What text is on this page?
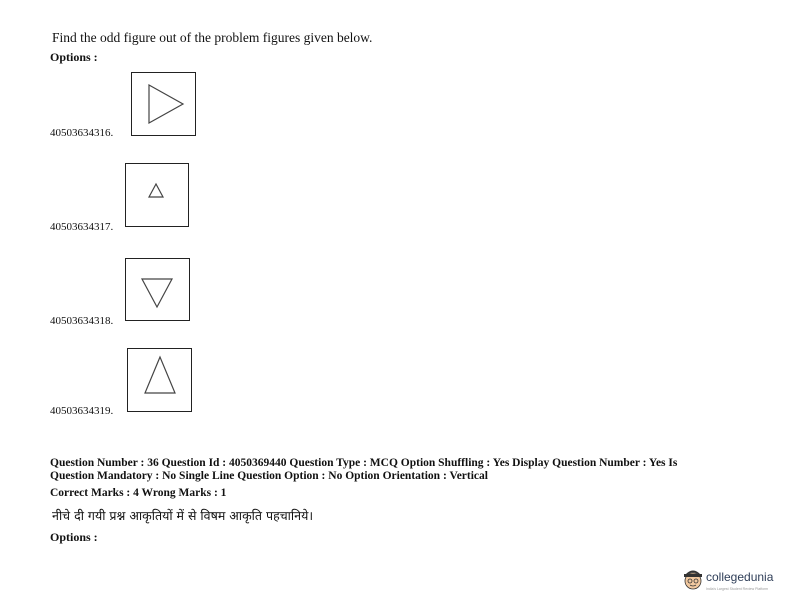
Find the odd figure out of the problem figures given below.
Options :
40503634316.
40503634317.
40503634318.
40503634319.
Question Number : 36 Question Id : 4050369440 Question Type : MCQ Option Shuffling : Yes Display Question Number : Yes Is
Question Mandatory : No Single Line Question Option : No Option Orientation : Vertical
Correct Marks : 4 Wrong Marks : 1
नीचे दी गयी प्रश्न आकृतियों में से विषम आकृति पहचानिये।
Options :
collegedunia
India's Largest Student Review Platform
